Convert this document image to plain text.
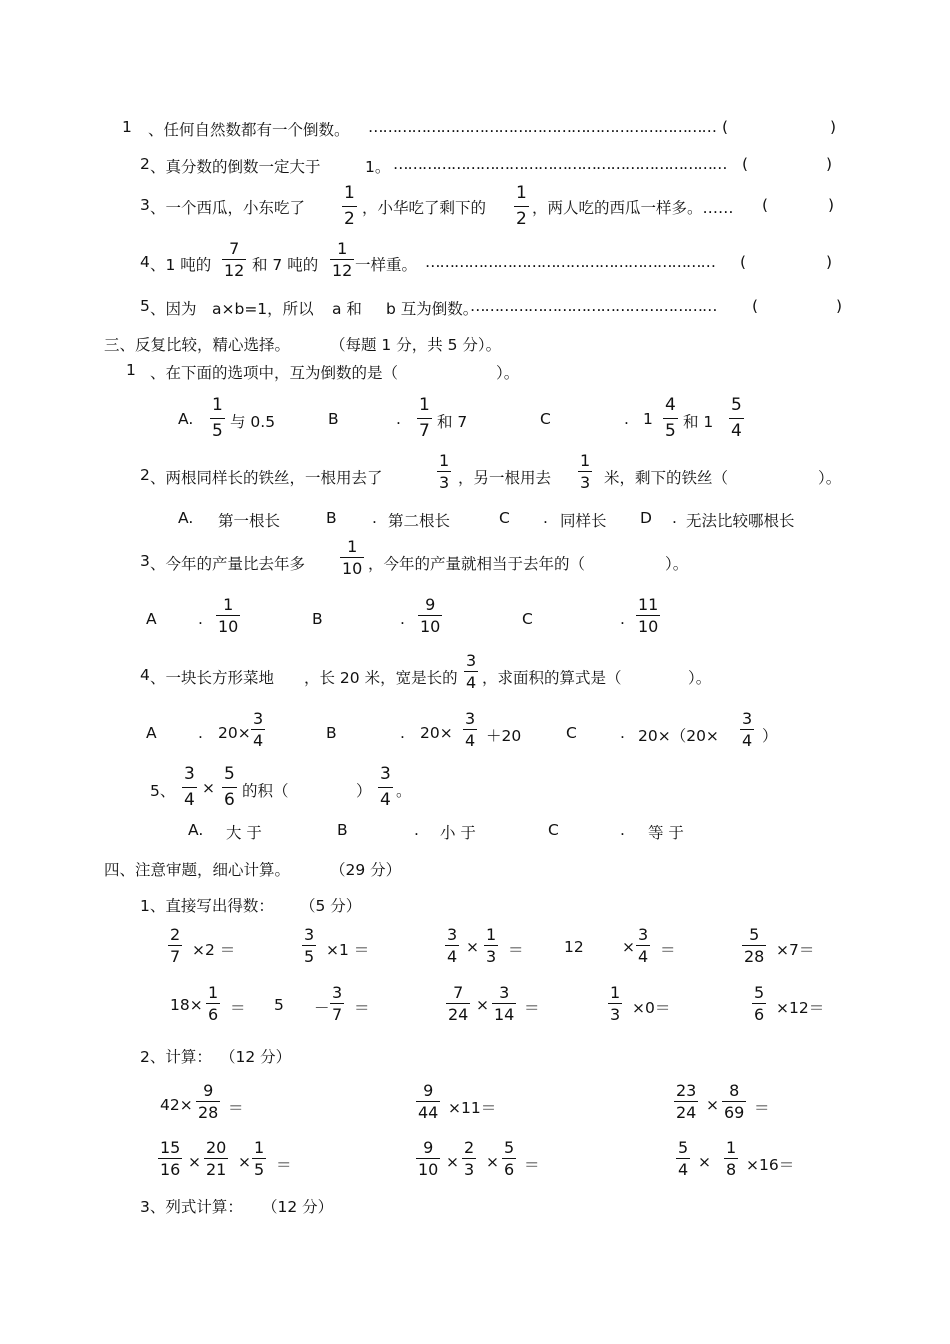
1 、任何自然数都有一个倒数。 ……………………………………………………………… (	)
2 、真分数的倒数一定大于	1。 …………………………………………………………… (	)
3 、一个西瓜，小东吃了 $\frac{1}{2}$ ，小华吃了剩下的 $\frac{1}{2}$ ，两人吃的西瓜一样多。…… (	)
4 、1 吨的 $\frac{7}{12}$ 和 7 吨的 $\frac{1}{12}$ 一样重。 …………………………………………………… (	)
5 、因为 a×b=1，所以 a 和 b 互为倒数。
…………………………………………… (	)
三、反复比较，精心选择。	（每题 1 分，共 5 分）。
1 、在下面的选项中，互为倒数的是（	）。
A. $\frac{1}{5}$ 与 0.5	B	. $\frac{1}{7}$ 和 7	C	. $1 \frac{4}{5}$ 和 $1 \frac{5}{4}$
2 、两根同样长的铁丝，一根用去了	$\frac{1}{3}$ ，另一根用去 $\frac{1}{3}$ 米，剩下的铁丝（	）。
A. 第一根长	B . 第二根长	C . 同样长 D . 无法比较哪根长
3 、今年的产量比去年多 $\frac{1}{10}$ ，今年的产量就相当于去年的（	）。
A	. $\frac{1}{10}$	B	. $\frac{9}{10}$	C	. $\frac{11}{10}$
4 、一块长方形菜地 ，长 20 米，宽是长的 $\frac{3}{4}$ ，求面积的算式是（	）。
A	. $20\times \frac{3}{4}$	B	. $20\times \frac{3}{4} +20$	C	. $20\times(20\times \frac{3}{4}$ ）
5、 $\frac{3}{4} \times \frac{5}{6}$ 的积（	） $\frac{3}{4}$ 。
A. 大 于	B	. 小 于	C	. 等 于
四、注意审题，细心计算。	（29 分）
1、直接写出得数： （5 分）
$\frac{2}{7} \times 2$ ＝	$\frac{3}{5} \times 1$ ＝	$\frac{3}{4} \times \frac{1}{3}$ ＝	$12 \times \frac{3}{4}$ ＝	$\frac{5}{28} \times 7=$
$18\times \frac{1}{6} = 5 - \frac{3}{7}$ ＝	$\frac{7}{24} \times \frac{3}{14}$ ＝	$\frac{1}{3} \times 0=$	$\frac{5}{6} \times 12=$
2、计算： （12 分）
$42\times \frac{9}{28}$ ＝	$\frac{9}{44} \times 11=$	$\frac{23}{24} \times \frac{8}{69}$ ＝
$\frac{15}{16} \times \frac{20}{21} \times \frac{1}{5}$ ＝	$\frac{9}{10} \times \frac{2}{3} \times \frac{5}{6}$ ＝	$\frac{5}{4} \times \frac{1}{8} \times 16=$
3、列式计算： （12 分）
